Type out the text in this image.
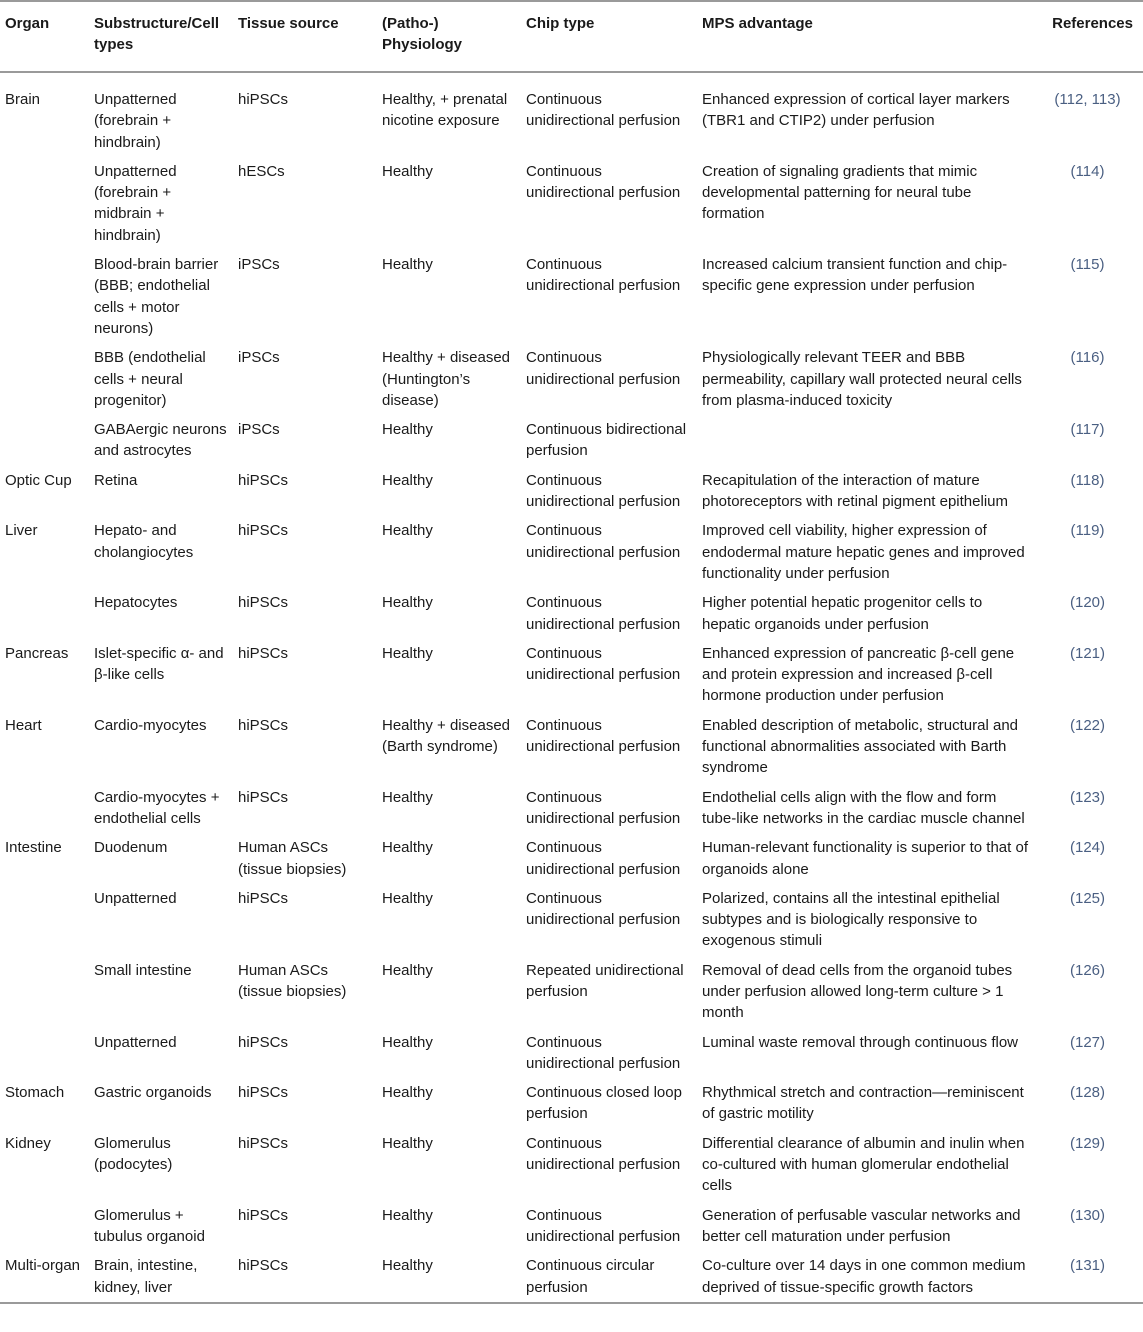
Organ	Substructure/Cell types	Tissue source	(Patho-) Physiology	Chip type	MPS advantage	References
Brain	Unpatterned (forebrain + hindbrain)	hiPSCs	Healthy, + prenatal nicotine exposure	Continuous unidirectional perfusion	Enhanced expression of cortical layer markers (TBR1 and CTIP2) under perfusion	(112, 113)
	Unpatterned (forebrain + midbrain + hindbrain)	hESCs	Healthy	Continuous unidirectional perfusion	Creation of signaling gradients that mimic developmental patterning for neural tube formation	(114)
	Blood-brain barrier (BBB; endothelial cells + motor neurons)	iPSCs	Healthy	Continuous unidirectional perfusion	Increased calcium transient function and chip-specific gene expression under perfusion	(115)
	BBB (endothelial cells + neural progenitor)	iPSCs	Healthy + diseased (Huntington’s disease)	Continuous unidirectional perfusion	Physiologically relevant TEER and BBB permeability, capillary wall protected neural cells from plasma-induced toxicity	(116)
	GABAergic neurons and astrocytes	iPSCs	Healthy	Continuous bidirectional perfusion		(117)
Optic Cup	Retina	hiPSCs	Healthy	Continuous unidirectional perfusion	Recapitulation of the interaction of mature photoreceptors with retinal pigment epithelium	(118)
Liver	Hepato- and cholangiocytes	hiPSCs	Healthy	Continuous unidirectional perfusion	Improved cell viability, higher expression of endodermal mature hepatic genes and improved functionality under perfusion	(119)
	Hepatocytes	hiPSCs	Healthy	Continuous unidirectional perfusion	Higher potential hepatic progenitor cells to hepatic organoids under perfusion	(120)
Pancreas	Islet-specific α- and β-like cells	hiPSCs	Healthy	Continuous unidirectional perfusion	Enhanced expression of pancreatic β-cell gene and protein expression and increased β-cell hormone production under perfusion	(121)
Heart	Cardio-myocytes	hiPSCs	Healthy + diseased (Barth syndrome)	Continuous unidirectional perfusion	Enabled description of metabolic, structural and functional abnormalities associated with Barth syndrome	(122)
	Cardio-myocytes + endothelial cells	hiPSCs	Healthy	Continuous unidirectional perfusion	Endothelial cells align with the flow and form tube-like networks in the cardiac muscle channel	(123)
Intestine	Duodenum	Human ASCs (tissue biopsies)	Healthy	Continuous unidirectional perfusion	Human-relevant functionality is superior to that of organoids alone	(124)
	Unpatterned	hiPSCs	Healthy	Continuous unidirectional perfusion	Polarized, contains all the intestinal epithelial subtypes and is biologically responsive to exogenous stimuli	(125)
	Small intestine	Human ASCs (tissue biopsies)	Healthy	Repeated unidirectional perfusion	Removal of dead cells from the organoid tubes under perfusion allowed long-term culture > 1 month	(126)
	Unpatterned	hiPSCs	Healthy	Continuous unidirectional perfusion	Luminal waste removal through continuous flow	(127)
Stomach	Gastric organoids	hiPSCs	Healthy	Continuous closed loop perfusion	Rhythmical stretch and contraction—reminiscent of gastric motility	(128)
Kidney	Glomerulus (podocytes)	hiPSCs	Healthy	Continuous unidirectional perfusion	Differential clearance of albumin and inulin when co-cultured with human glomerular endothelial cells	(129)
	Glomerulus + tubulus organoid	hiPSCs	Healthy	Continuous unidirectional perfusion	Generation of perfusable vascular networks and better cell maturation under perfusion	(130)
Multi-organ	Brain, intestine, kidney, liver	hiPSCs	Healthy	Continuous circular perfusion	Co-culture over 14 days in one common medium deprived of tissue-specific growth factors	(131)
